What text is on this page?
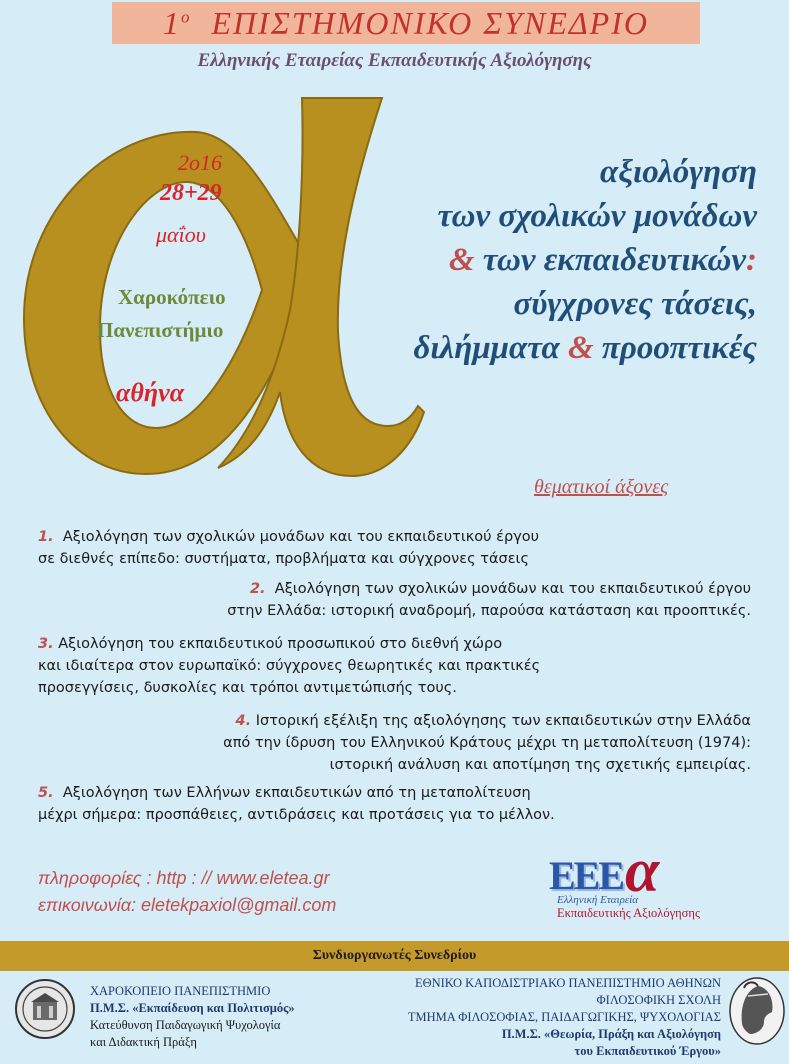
$1^o$ ΕΠΙΣΤΗΜΟΝΙΚΟ ΣΥΝΕΔΡΙΟ
Ελληνικής Εταιρείας Εκπαιδευτικής Αξιολόγησης
2o16
28+29
μαΐου
Χαροκόπειο
Πανεπιστήμιο
αθήνα
αξιολόγηση
των σχολικών μονάδων
& των εκπαιδευτικών:
σύγχρονες τάσεις,
διλήμματα & προοπτικές
θεματικοί άξονες
1. Αξιολόγηση των σχολικών μονάδων και του εκπαιδευτικού έργου
σε διεθνές επίπεδο: συστήματα, προβλήματα και σύγχρονες τάσεις
2. Αξιολόγηση των σχολικών μονάδων και του εκπαιδευτικού έργου
στην Ελλάδα: ιστορική αναδρομή, παρούσα κατάσταση και προοπτικές.
3. Αξιολόγηση του εκπαιδευτικού προσωπικού στο διεθνή χώρο
και ιδιαίτερα στον ευρωπαϊκό: σύγχρονες θεωρητικές και πρακτικές
προσεγγίσεις, δυσκολίες και τρόποι αντιμετώπισής τους.
4. Ιστορική εξέλιξη της αξιολόγησης των εκπαιδευτικών στην Ελλάδα
από την ίδρυση του Ελληνικού Κράτους μέχρι τη μεταπολίτευση (1974):
ιστορική ανάλυση και αποτίμηση της σχετικής εμπειρίας.
5. Αξιολόγηση των Ελλήνων εκπαιδευτικών από τη μεταπολίτευση
μέχρι σήμερα: προσπάθειες, αντιδράσεις και προτάσεις για το μέλλον.
πληροφορίες : http : // www.eletea.gr
επικοινωνία: eletekpaxiol@gmail.com
ΕΕΕ α
Ελληνική Εταιρεία
Εκπαιδευτικής Αξιολόγησης
Συνδιοργανωτές Συνεδρίου
ΧΑΡΟΚΟΠΕΙΟ ΠΑΝΕΠΙΣΤΗΜΙΟ
Π.Μ.Σ. «Εκπαίδευση και Πολιτισμός»
Κατεύθυνση Παιδαγωγική Ψυχολογία
και Διδακτική Πράξη
ΕΘΝΙΚΟ ΚΑΠΟΔΙΣΤΡΙΑΚΟ ΠΑΝΕΠΙΣΤΗΜΙΟ ΑΘΗΝΩΝ
ΦΙΛΟΣΟΦΙΚΗ ΣΧΟΛΗ
ΤΜΗΜΑ ΦΙΛΟΣΟΦΙΑΣ, ΠΑΙΔΑΓΩΓΙΚΗΣ, ΨΥΧΟΛΟΓΙΑΣ
Π.Μ.Σ. «Θεωρία, Πράξη και Αξιολόγηση
του Εκπαιδευτικού Έργου»
